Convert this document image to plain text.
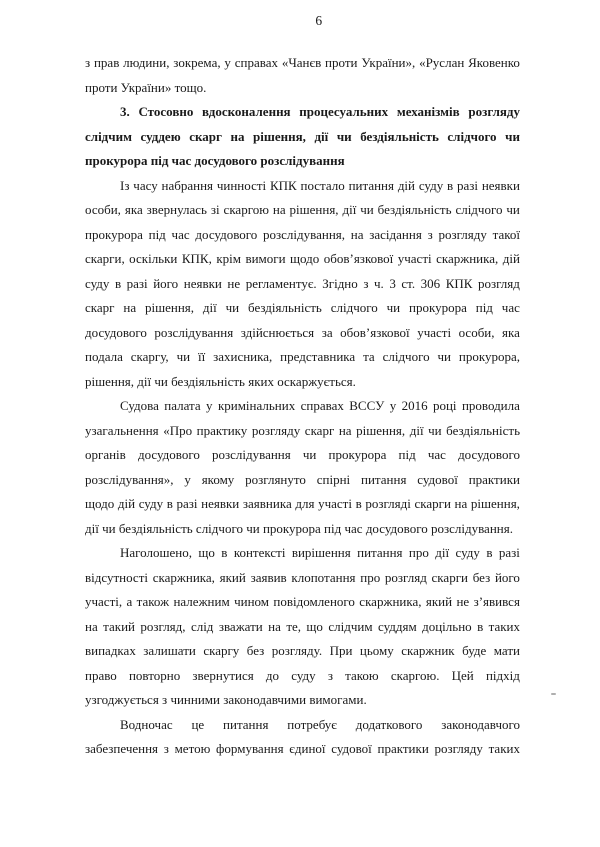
6
з прав людини, зокрема, у справах «Чанєв проти України», «Руслан Яковенко
проти України» тощо.
3. Стосовно вдосконалення процесуальних механізмів розгляду
слідчим суддею скарг на рішення, дії чи бездіяльність слідчого чи
прокурора під час досудового розслідування
Із часу набрання чинності КПК постало питання дій суду в разі неявки
особи, яка звернулась зі скаргою на рішення, дії чи бездіяльність слідчого чи
прокурора під час досудового розслідування, на засідання з розгляду такої
скарги, оскільки КПК, крім вимоги щодо обов’язкової участі скаржника, дій
суду в разі його неявки не регламентує. Згідно з ч. 3 ст. 306 КПК розгляд
скарг на рішення, дії чи бездіяльність слідчого чи прокурора під час
досудового розслідування здійснюється за обов’язкової участі особи, яка
подала скаргу, чи її захисника, представника та слідчого чи прокурора,
рішення, дії чи бездіяльність яких оскаржується.
Судова палата у кримінальних справах ВССУ у 2016 році проводила
узагальнення «Про практику розгляду скарг на рішення, дії чи бездіяльність
органів досудового розслідування чи прокурора під час досудового
розслідування», у якому розглянуто спірні питання судової практики
щодо дій суду в разі неявки заявника для участі в розгляді скарги на рішення,
дії чи бездіяльність слідчого чи прокурора під час досудового розслідування.
Наголошено, що в контексті вирішення питання про дії суду в разі
відсутності скаржника, який заявив клопотання про розгляд скарги без його
участі, а також належним чином повідомленого скаржника, який не з’явився
на такий розгляд, слід зважати на те, що слідчим суддям доцільно в таких
випадках залишати скаргу без розгляду. При цьому скаржник буде мати
право повторно звернутися до суду з такою скаргою. Цей підхід
узгоджується з чинними законодавчими вимогами.
Водночас це питання потребує додаткового законодавчого
забезпечення з метою формування єдиної судової практики розгляду таких
